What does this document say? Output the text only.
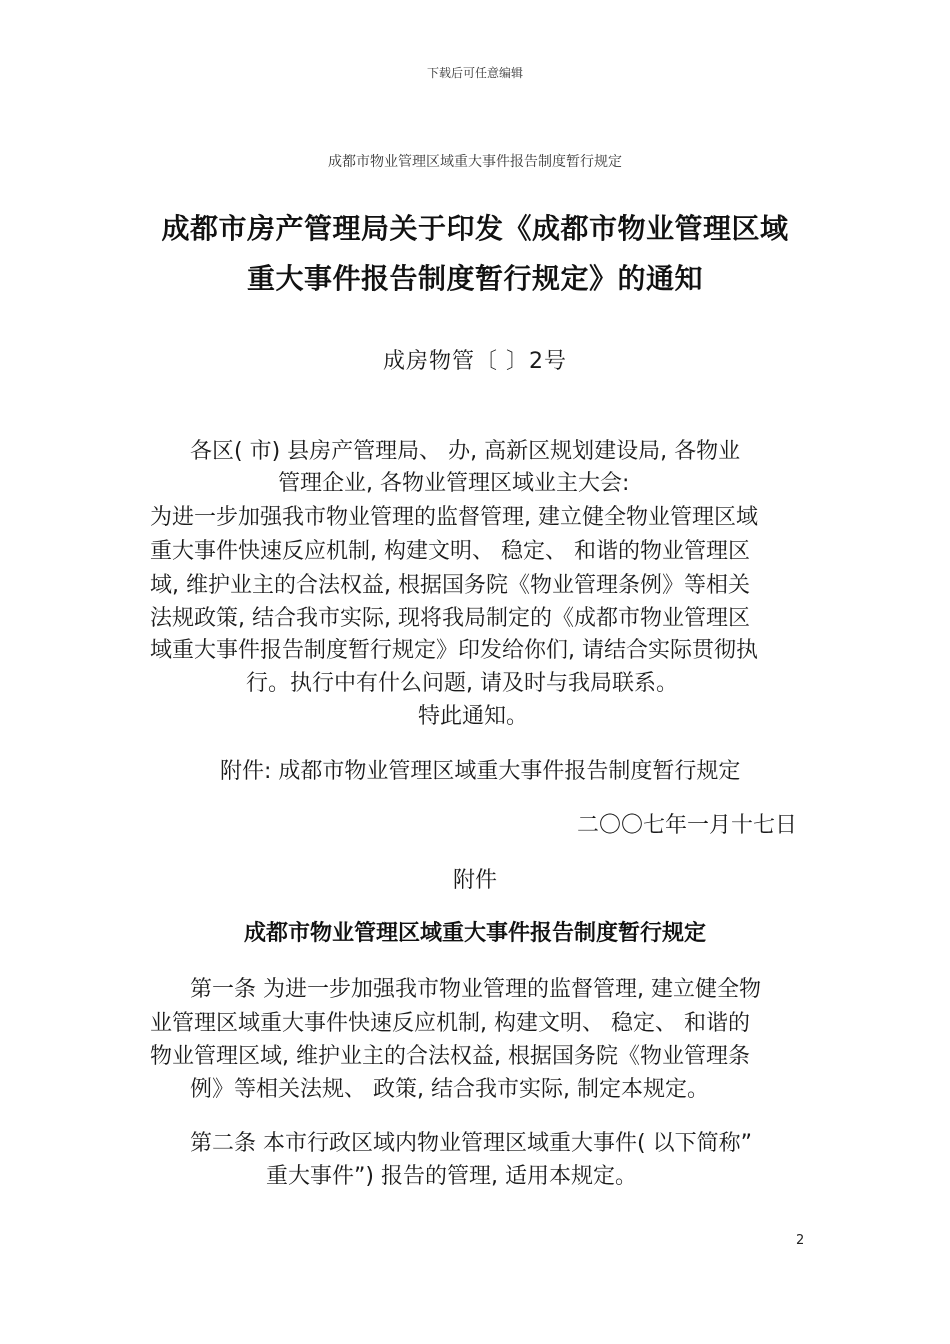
下载后可任意编辑
成都市物业管理区域重大事件报告制度暂行规定
成都市房产管理局关于印发《成都市物业管理区域
重大事件报告制度暂行规定》的通知
成房物管〔 〕2号
各区( 市) 县房产管理局、 办, 高新区规划建设局, 各物业
管理企业, 各物业管理区域业主大会:
为进一步加强我市物业管理的监督管理, 建立健全物业管理区域
重大事件快速反应机制, 构建文明、 稳定、 和谐的物业管理区
域, 维护业主的合法权益, 根据国务院《物业管理条例》等相关
法规政策, 结合我市实际, 现将我局制定的《成都市物业管理区
域重大事件报告制度暂行规定》印发给你们, 请结合实际贯彻执
行。执行中有什么问题, 请及时与我局联系。
特此通知。
附件: 成都市物业管理区域重大事件报告制度暂行规定
二〇〇七年一月十七日
附件
成都市物业管理区域重大事件报告制度暂行规定
第一条 为进一步加强我市物业管理的监督管理, 建立健全物
业管理区域重大事件快速反应机制, 构建文明、 稳定、 和谐的
物业管理区域, 维护业主的合法权益, 根据国务院《物业管理条
例》等相关法规、 政策, 结合我市实际, 制定本规定。
第二条 本市行政区域内物业管理区域重大事件( 以下简称”
重大事件”) 报告的管理, 适用本规定。
2
